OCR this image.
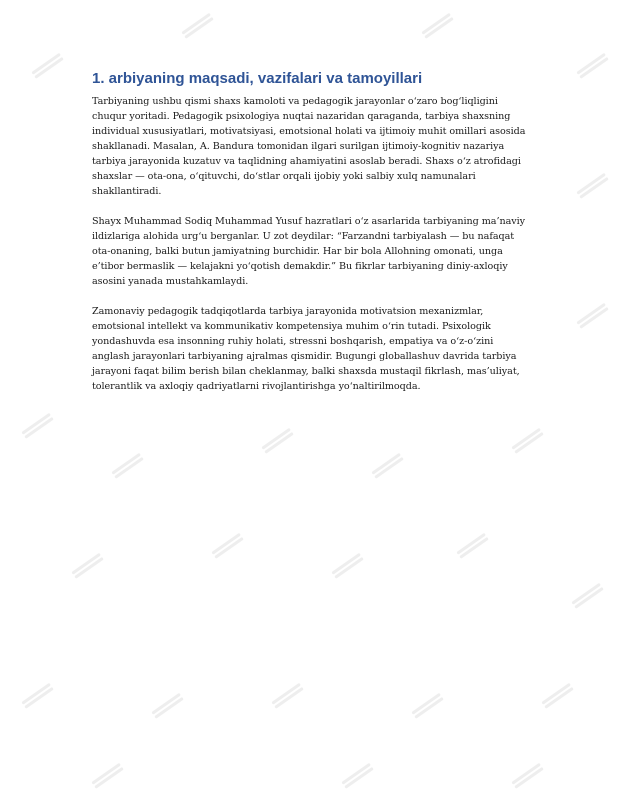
1. arbiyaning maqsadi, vazifalari va tamoyillari

Tarbiyaning ushbu qismi shaxs kamoloti va pedagogik jarayonlar o‘zaro bog‘liqligini chuqur yoritadi. Pedagogik psixologiya nuqtai nazaridan qaraganda, tarbiya shaxsning individual xususiyatlari, motivatsiyasi, emotsional holati va ijtimoiy muhit omillari asosida shakllanadi. Masalan, A. Bandura tomonidan ilgari surilgan ijtimoiy-kognitiv nazariya tarbiya jarayonida kuzatuv va taqlidning ahamiyatini asoslab beradi. Shaxs o‘z atrofidagi shaxslar — ota-ona, o‘qituvchi, do‘stlar orqali ijobiy yoki salbiy xulq namunalari shakllantiradi.

Shayx Muhammad Sodiq Muhammad Yusuf hazratlari o‘z asarlarida tarbiyaning ma’naviy ildizlariga alohida urg‘u berganlar. U zot deydilar: “Farzandni tarbiyalash — bu nafaqat ota-onaning, balki butun jamiyatning burchidir. Har bir bola Allohning omonati, unga e’tibor bermaslik — kelajakni yo‘qotish demakdir.” Bu fikrlar tarbiyaning diniy-axloqiy asosini yanada mustahkamlaydi.

Zamonaviy pedagogik tadqiqotlarda tarbiya jarayonida motivatsion mexanizmlar, emotsional intellekt va kommunikativ kompetensiya muhim o‘rin tutadi. Psixologik yondashuvda esa insonning ruhiy holati, stressni boshqarish, empatiya va o‘z-o‘zini anglash jarayonlari tarbiyaning ajralmas qismidir. Bugungi globallashuv davrida tarbiya jarayoni faqat bilim berish bilan cheklanmay, balki shaxsda mustaqil fikrlash, mas’uliyat, tolerantlik va axloqiy qadriyatlarni rivojlantirishga yo‘naltirilmoqda.
